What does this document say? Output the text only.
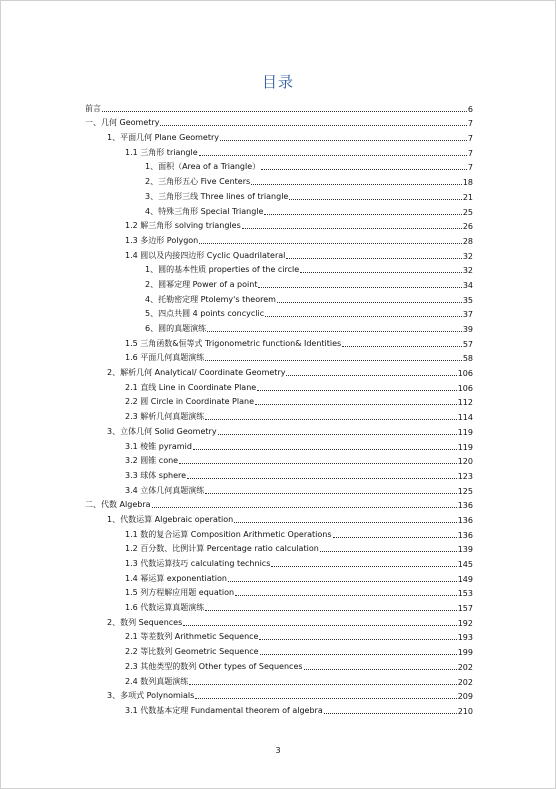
目录
前言	6
一、几何 Geometry	7
1、平面几何 Plane Geometry	7
1.1 三角形 triangle	7
1、面积（Area of a Triangle）	7
2、三角形五心 Five Centers	18
3、三角形三线 Three lines of triangle	21
4、特殊三角形 Special Triangle	25
1.2 解三角形 solving triangles	26
1.3 多边形 Polygon	28
1.4 圆以及内接四边形 Cyclic Quadrilateral	32
1、圆的基本性质 properties of the circle	32
2、圆幂定理 Power of a point	34
4、托勒密定理 Ptolemy's theorem	35
5、四点共圆 4 points concyclic	37
6、圆的真题演练	39
1.5 三角函数&恒等式 Trigonometric function& Identities	57
1.6 平面几何真题演练	58
2、解析几何 Analytical/ Coordinate Geometry	106
2.1 直线 Line in Coordinate Plane	106
2.2 圆 Circle in Coordinate Plane	112
2.3 解析几何真题演练	114
3、立体几何 Solid Geometry	119
3.1 棱锥 pyramid	119
3.2 圆锥 cone	120
3.3 球体 sphere	123
3.4 立体几何真题演练	125
二、代数 Algebra	136
1、代数运算 Algebraic operation	136
1.1 数的复合运算 Composition Arithmetic Operations	136
1.2 百分数、比例计算 Percentage ratio calculation	139
1.3 代数运算技巧 calculating technics	145
1.4 幂运算 exponentiation	149
1.5 列方程解应用题 equation	153
1.6 代数运算真题演练	157
2、数列 Sequences	192
2.1 等差数列 Arithmetic Sequence	193
2.2 等比数列 Geometric Sequence	199
2.3 其他类型的数列 Other types of Sequences	202
2.4 数列真题演练	202
3、多项式 Polynomials	209
3.1 代数基本定理 Fundamental theorem of algebra	210
3
